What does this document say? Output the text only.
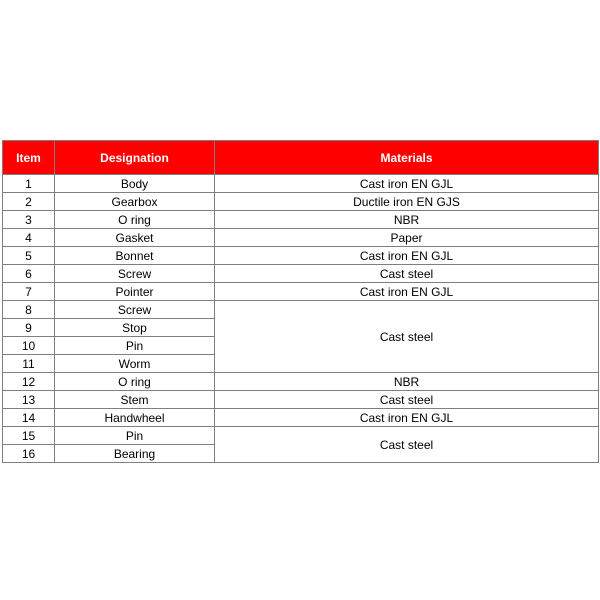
Item	Designation	Materials
1	Body	Cast iron EN GJL
2	Gearbox	Ductile iron EN GJS
3	O ring	NBR
4	Gasket	Paper
5	Bonnet	Cast iron EN GJL
6	Screw	Cast steel
7	Pointer	Cast iron EN GJL
8	Screw	Cast steel
9	Stop	
10	Pin	
11	Worm	
12	O ring	NBR
13	Stem	Cast steel
14	Handwheel	Cast iron EN GJL
15	Pin	Cast steel
16	Bearing	
